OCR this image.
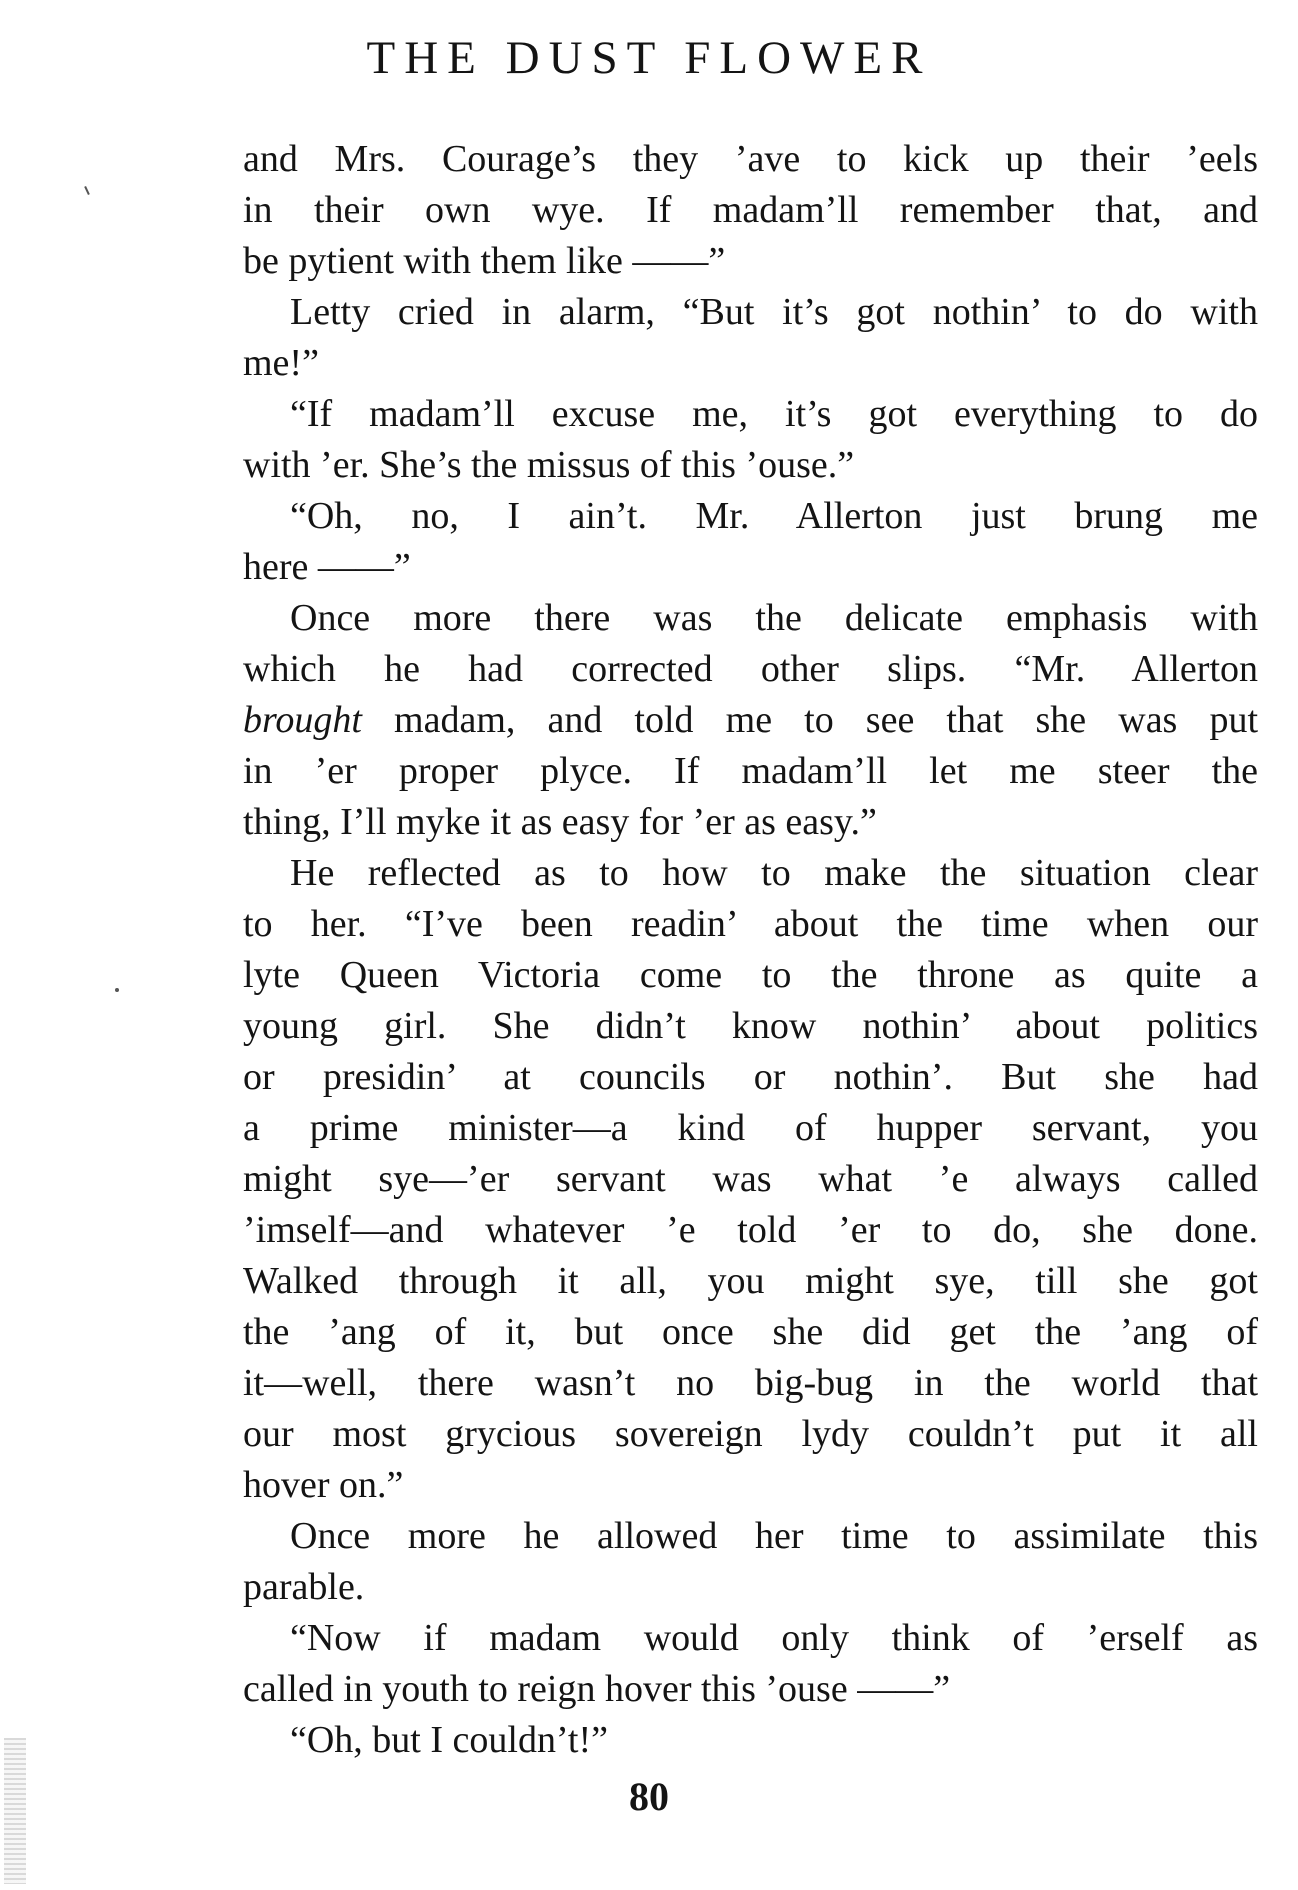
THE DUST FLOWER
and Mrs. Courage’s they ’ave to kick up their ’eels
in their own wye. If madam’ll remember that, and
be pytient with them like ——”
Letty cried in alarm, “But it’s got nothin’ to do with
me!”
“If madam’ll excuse me, it’s got everything to do
with ’er. She’s the missus of this ’ouse.”
“Oh, no, I ain’t. Mr. Allerton just brung me
here ——”
Once more there was the delicate emphasis with
which he had corrected other slips. “Mr. Allerton
brought madam, and told me to see that she was put
in ’er proper plyce. If madam’ll let me steer the
thing, I’ll myke it as easy for ’er as easy.”
He reflected as to how to make the situation clear
to her. “I’ve been readin’ about the time when our
lyte Queen Victoria come to the throne as quite a
young girl. She didn’t know nothin’ about politics
or presidin’ at councils or nothin’. But she had
a prime minister—a kind of hupper servant, you
might sye—’er servant was what ’e always called
’imself—and whatever ’e told ’er to do, she done.
Walked through it all, you might sye, till she got
the ’ang of it, but once she did get the ’ang of
it—well, there wasn’t no big-bug in the world that
our most grycious sovereign lydy couldn’t put it all
hover on.”
Once more he allowed her time to assimilate this
parable.
“Now if madam would only think of ’erself as
called in youth to reign hover this ’ouse ——”
“Oh, but I couldn’t!”
80
